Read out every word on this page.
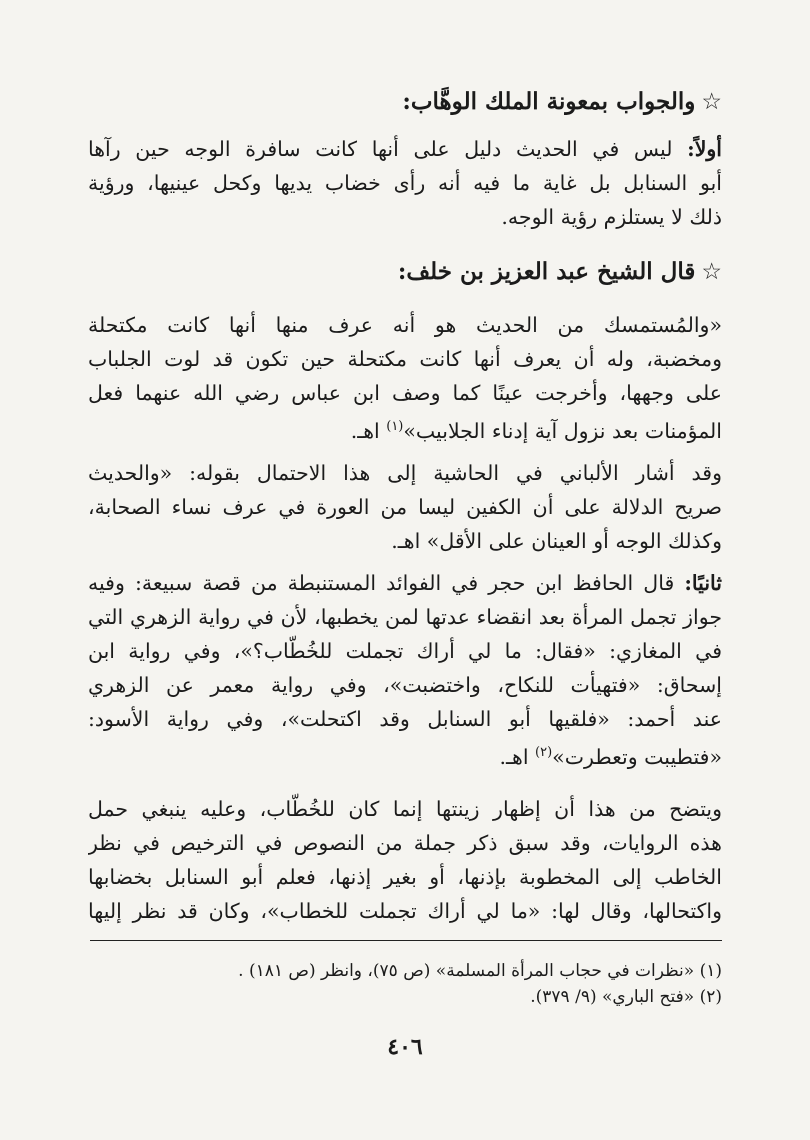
☆والجواب بمعونة الملك الوهَّاب:
أولاً: ليس في الحديث دليل على أنها كانت سافرة الوجه حين رآها
أبو السنابل بل غاية ما فيه أنه رأى خضاب يديها وكحل عينيها، ورؤية
ذلك لا يستلزم رؤية الوجه.
☆قال الشيخ عبد العزيز بن خلف:
«والمُستمسك من الحديث هو أنه عرف منها أنها كانت مكتحلة
ومخضبة، وله أن يعرف أنها كانت مكتحلة حين تكون قد لوت الجلباب
على وجهها، وأخرجت عينًا كما وصف ابن عباس رضي الله عنهما فعل
المؤمنات بعد نزول آية إدناء الجلابيب»$^{(١)}$ اهـ.
وقد أشار الألباني في الحاشية إلى هذا الاحتمال بقوله: «والحديث
صريح الدلالة على أن الكفين ليسا من العورة في عرف نساء الصحابة،
وكذلك الوجه أو العينان على الأقل» اهـ.
ثانيًا: قال الحافظ ابن حجر في الفوائد المستنبطة من قصة سبيعة: وفيه
جواز تجمل المرأة بعد انقضاء عدتها لمن يخطبها، لأن في رواية الزهري التي
في المغازي: «فقال: ما لي أراك تجملت للخُطّاب؟»، وفي رواية ابن
إسحاق: «فتهيأت للنكاح، واختضبت»، وفي رواية معمر عن الزهري
عند أحمد: «فلقيها أبو السنابل وقد اكتحلت»، وفي رواية الأسود:
«فتطيبت وتعطرت»$^{(٢)}$ اهـ.
ويتضح من هذا أن إظهار زينتها إنما كان للخُطّاب، وعليه ينبغي حمل
هذه الروايات، وقد سبق ذكر جملة من النصوص في الترخيص في نظر
الخاطب إلى المخطوبة بإذنها، أو بغير إذنها، فعلم أبو السنابل بخضابها
واكتحالها، وقال لها: «ما لي أراك تجملت للخطاب»، وكان قد نظر إليها
(١) «نظرات في حجاب المرأة المسلمة» (ص ٧٥)، وانظر (ص ١٨١) .
(٢) «فتح الباري» (٩/ ٣٧٩).
٤٠٦
